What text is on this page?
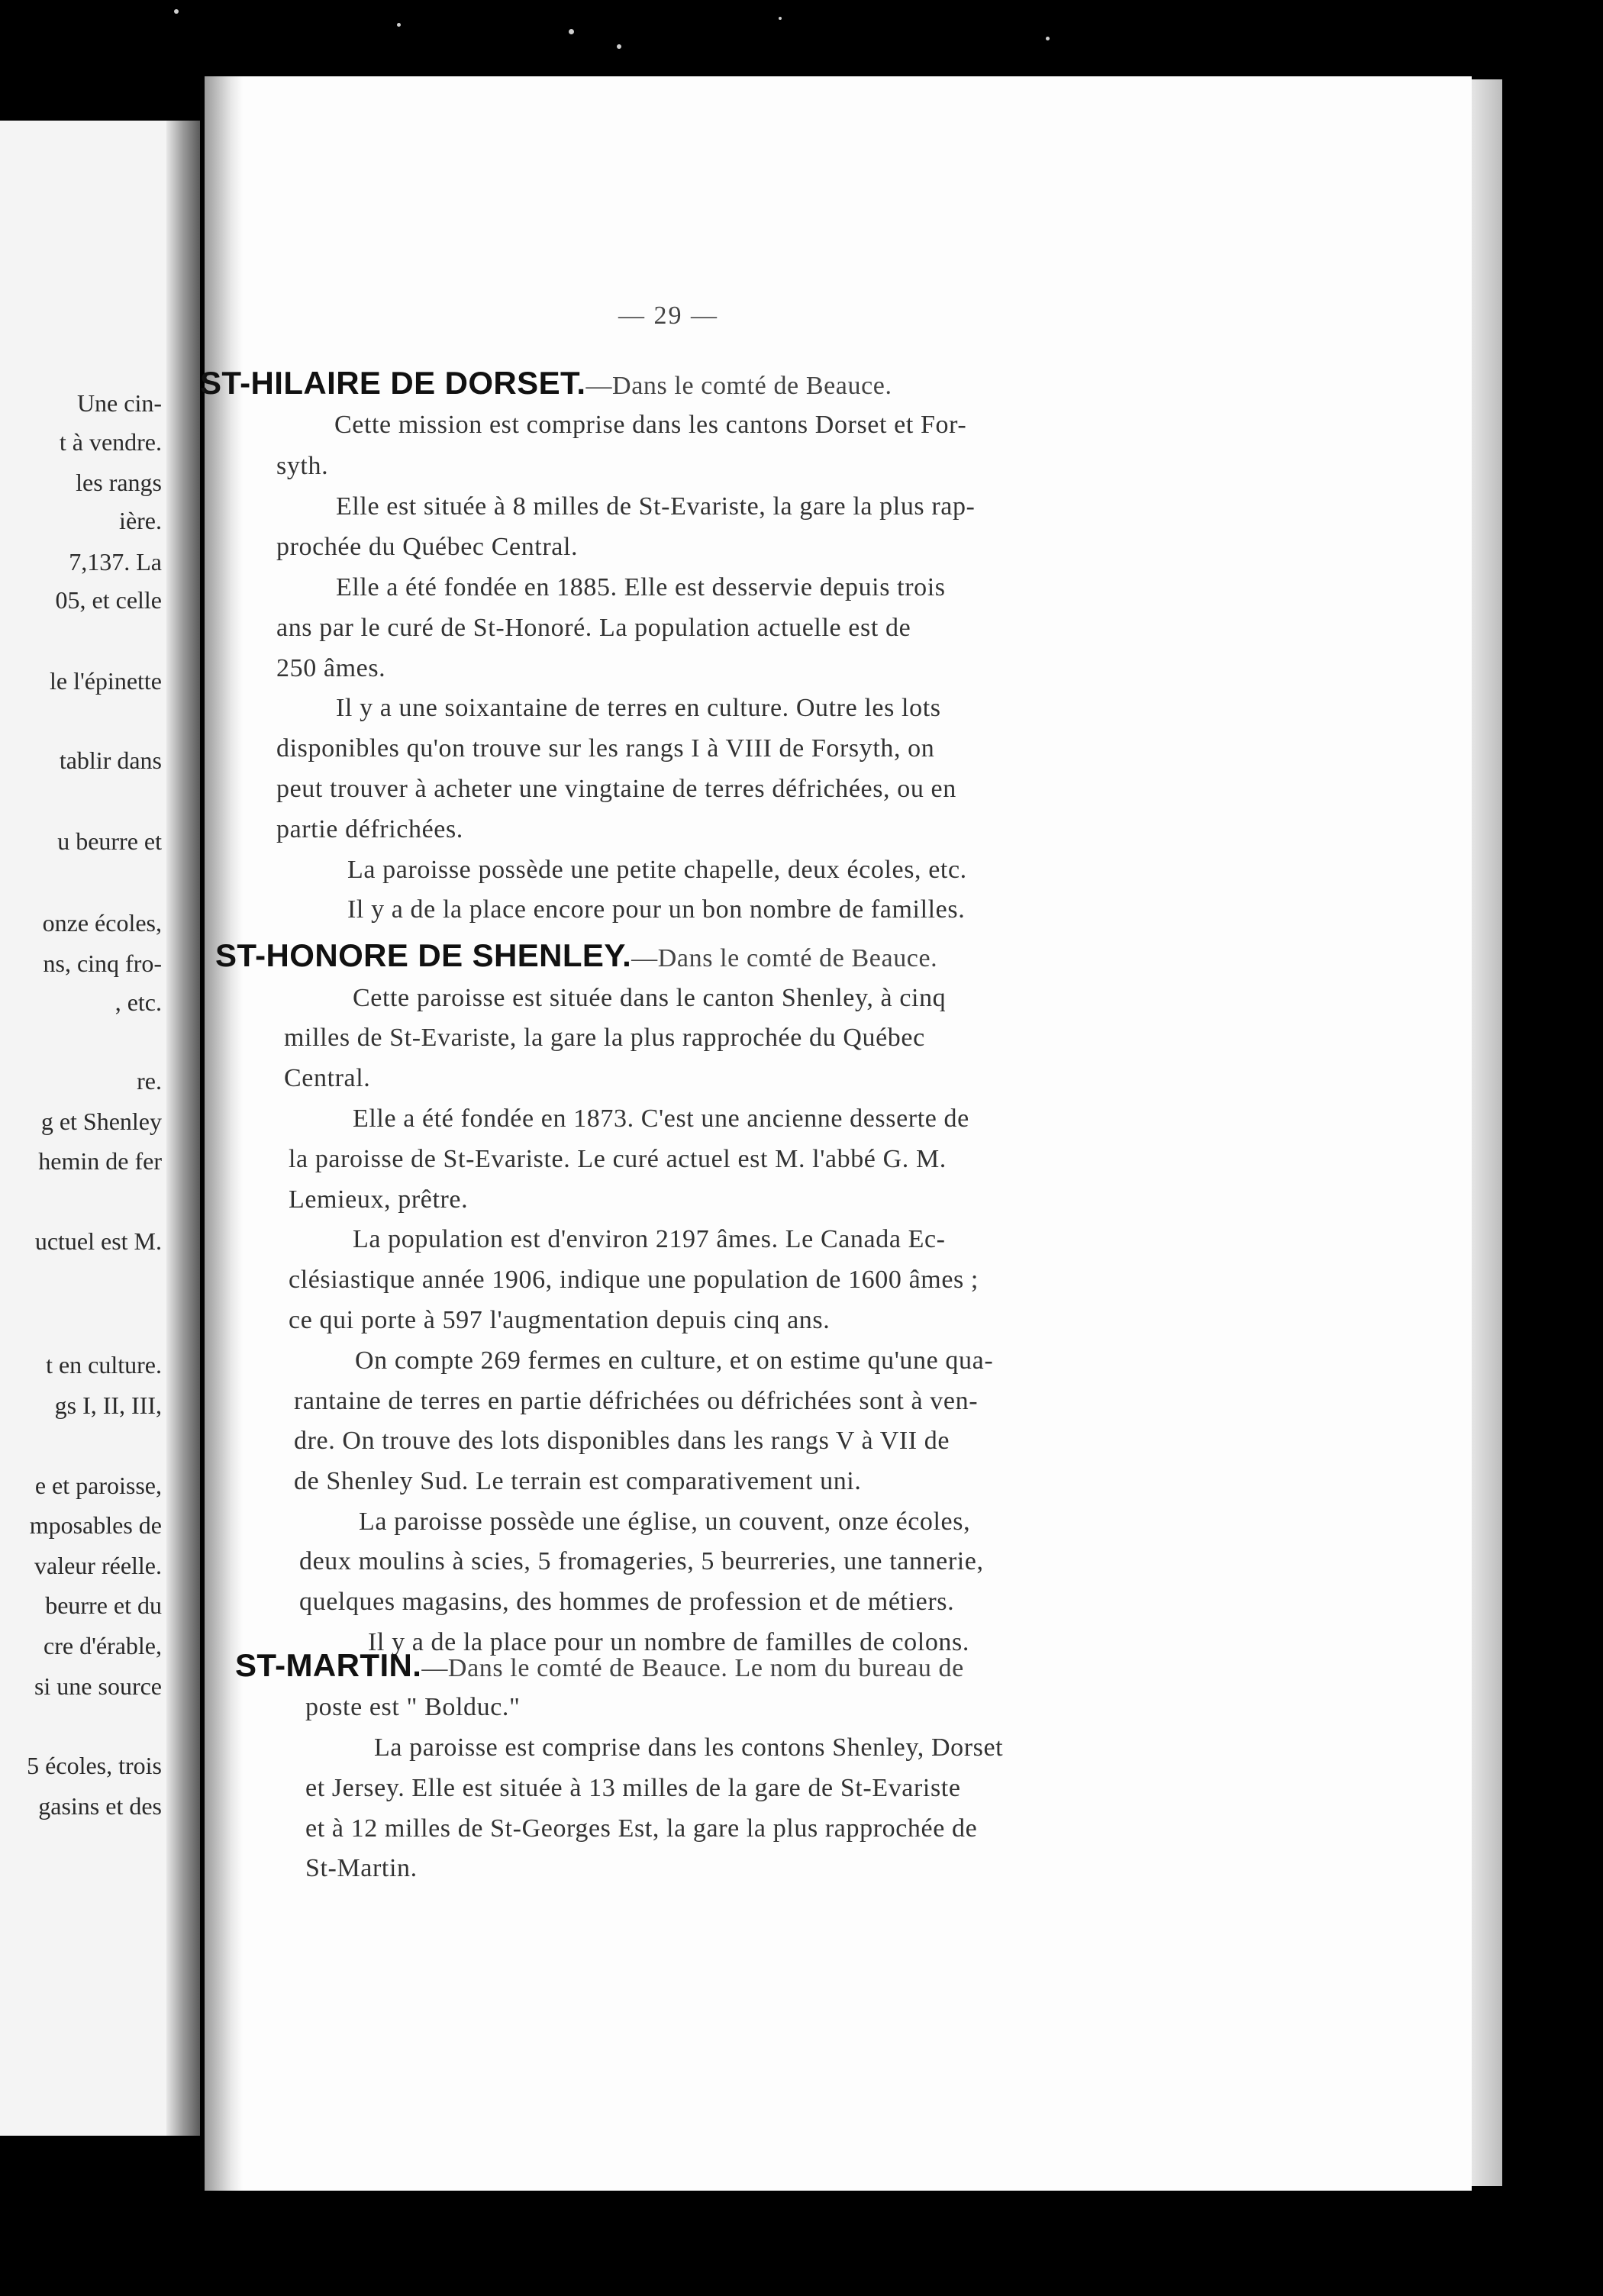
Une cin-
t à vendre.
les rangs
ière.
7,137. La
05, et celle
le l'épinette
tablir dans
u beurre et
onze écoles,
ns, cinq fro-
, etc.
re.
g et Shenley
hemin de fer
uctuel est M.
t en culture.
gs I, II, III,
e et paroisse,
mposables de
valeur réelle.
beurre et du
cre d'érable,
si une source
5 écoles, trois
gasins et des
— 29 —
ST-HILAIRE DE DORSET.—Dans le comté de Beauce.
Cette mission est comprise dans les cantons Dorset et For-
syth.
Elle est située à 8 milles de St-Evariste, la gare la plus rap-
prochée du Québec Central.
Elle a été fondée en 1885. Elle est desservie depuis trois
ans par le curé de St-Honoré. La population actuelle est de
250 âmes.
Il y a une soixantaine de terres en culture. Outre les lots
disponibles qu'on trouve sur les rangs I à VIII de Forsyth, on
peut trouver à acheter une vingtaine de terres défrichées, ou en
partie défrichées.
La paroisse possède une petite chapelle, deux écoles, etc.
Il y a de la place encore pour un bon nombre de familles.
ST-HONORE DE SHENLEY.—Dans le comté de Beauce.
Cette paroisse est située dans le canton Shenley, à cinq
milles de St-Evariste, la gare la plus rapprochée du Québec
Central.
Elle a été fondée en 1873. C'est une ancienne desserte de
la paroisse de St-Evariste. Le curé actuel est M. l'abbé G. M.
Lemieux, prêtre.
La population est d'environ 2197 âmes. Le Canada Ec-
clésiastique année 1906, indique une population de 1600 âmes ;
ce qui porte à 597 l'augmentation depuis cinq ans.
On compte 269 fermes en culture, et on estime qu'une qua-
rantaine de terres en partie défrichées ou défrichées sont à ven-
dre. On trouve des lots disponibles dans les rangs V à VII de
de Shenley Sud. Le terrain est comparativement uni.
La paroisse possède une église, un couvent, onze écoles,
deux moulins à scies, 5 fromageries, 5 beurreries, une tannerie,
quelques magasins, des hommes de profession et de métiers.
Il y a de la place pour un nombre de familles de colons.
ST-MARTIN.—Dans le comté de Beauce. Le nom du bureau de
poste est " Bolduc."
La paroisse est comprise dans les contons Shenley, Dorset
et Jersey. Elle est située à 13 milles de la gare de St-Evariste
et à 12 milles de St-Georges Est, la gare la plus rapprochée de
St-Martin.
